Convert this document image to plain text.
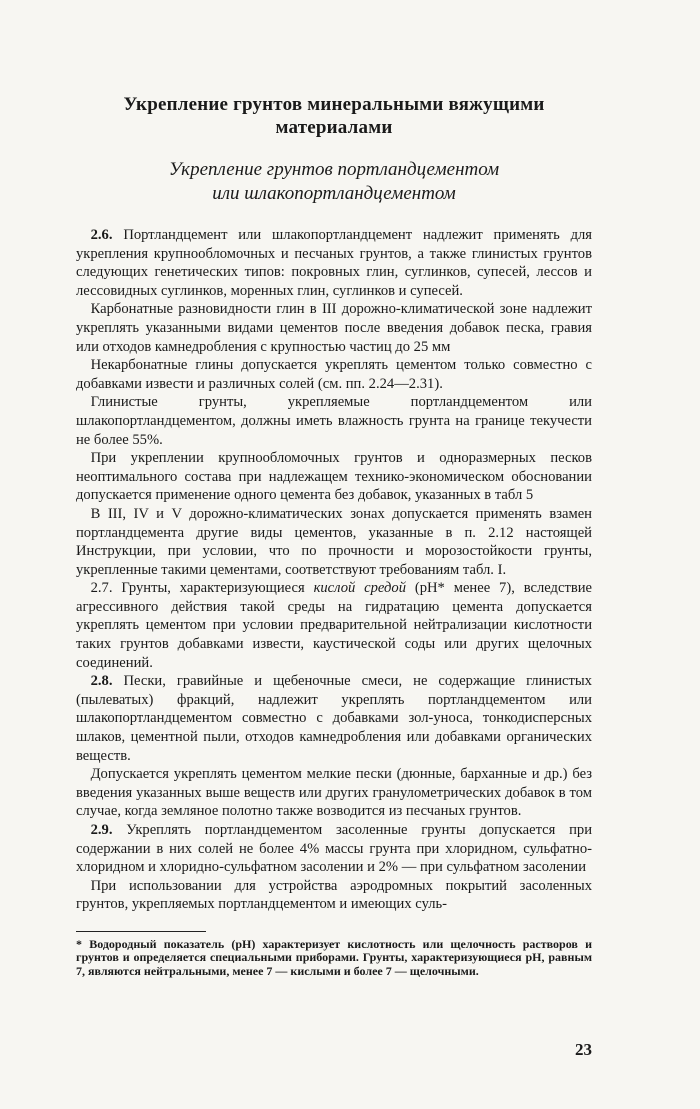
Укрепление грунтов минеральными вяжущими
материалами
Укрепление грунтов портландцементом
или шлакопортландцементом

 2.6. Портландцемент или шлакопортландцемент надлежит применять для укрепления крупнообломочных и песчаных грунтов, а также глинистых грунтов следующих генетических типов: покровных глин, суглинков, супесей, лессов и лессовидных суглинков, моренных глин, суглинков и супесей.

 Карбонатные разновидности глин в III дорожно-климатической зоне надлежит укреплять указанными видами цементов после введения добавок песка, гравия или отходов камнедробления с крупностью частиц до 25 мм

 Некарбонатные глины допускается укреплять цементом только совместно с добавками извести и различных солей (см. пп. 2.24—2.31).

 Глинистые грунты, укрепляемые портландцементом или шлакопортландцементом, должны иметь влажность грунта на границе текучести не более 55%.

 При укреплении крупнообломочных грунтов и одноразмерных песков неоптимального состава при надлежащем технико-экономическом обосновании допускается применение одного цемента без добавок, указанных в табл 5

 В III, IV и V дорожно-климатических зонах допускается применять взамен портландцемента другие виды цементов, указанные в п. 2.12 настоящей Инструкции, при условии, что по прочности и морозостойкости грунты, укрепленные такими цементами, соответствуют требованиям табл. I.

 2.7. Грунты, характеризующиеся кислой средой (pH* менее 7), вследствие агрессивного действия такой среды на гидратацию цемента допускается укреплять цементом при условии предварительной нейтрализации кислотности таких грунтов добавками извести, каустической соды или других щелочных соединений.

 2.8. Пески, гравийные и щебеночные смеси, не содержащие глинистых (пылеватых) фракций, надлежит укреплять портландцементом или шлакопортландцементом совместно с добавками зол-уноса, тонкодисперсных шлаков, цементной пыли, отходов камнедробления или добавками органических веществ.

 Допускается укреплять цементом мелкие пески (дюнные, барханные и др.) без введения указанных выше веществ или других гранулометрических добавок в том случае, когда земляное полотно также возводится из песчаных грунтов.

 2.9. Укреплять портландцементом засоленные грунты допускается при содержании в них солей не более 4% массы грунта при хлоридном, сульфатно-хлоридном и хлоридно-сульфатном засолении и 2% — при сульфатном засолении

 При использовании для устройства аэродромных покрытий засоленных грунтов, укрепляемых портландцементом и имеющих суль-

* Водородный показатель (pH) характеризует кислотность или щелочность растворов и грунтов и определяется специальными приборами. Грунты, характеризующиеся pH, равным 7, являются нейтральными, менее 7 — кислыми и более 7 — щелочными.
23
